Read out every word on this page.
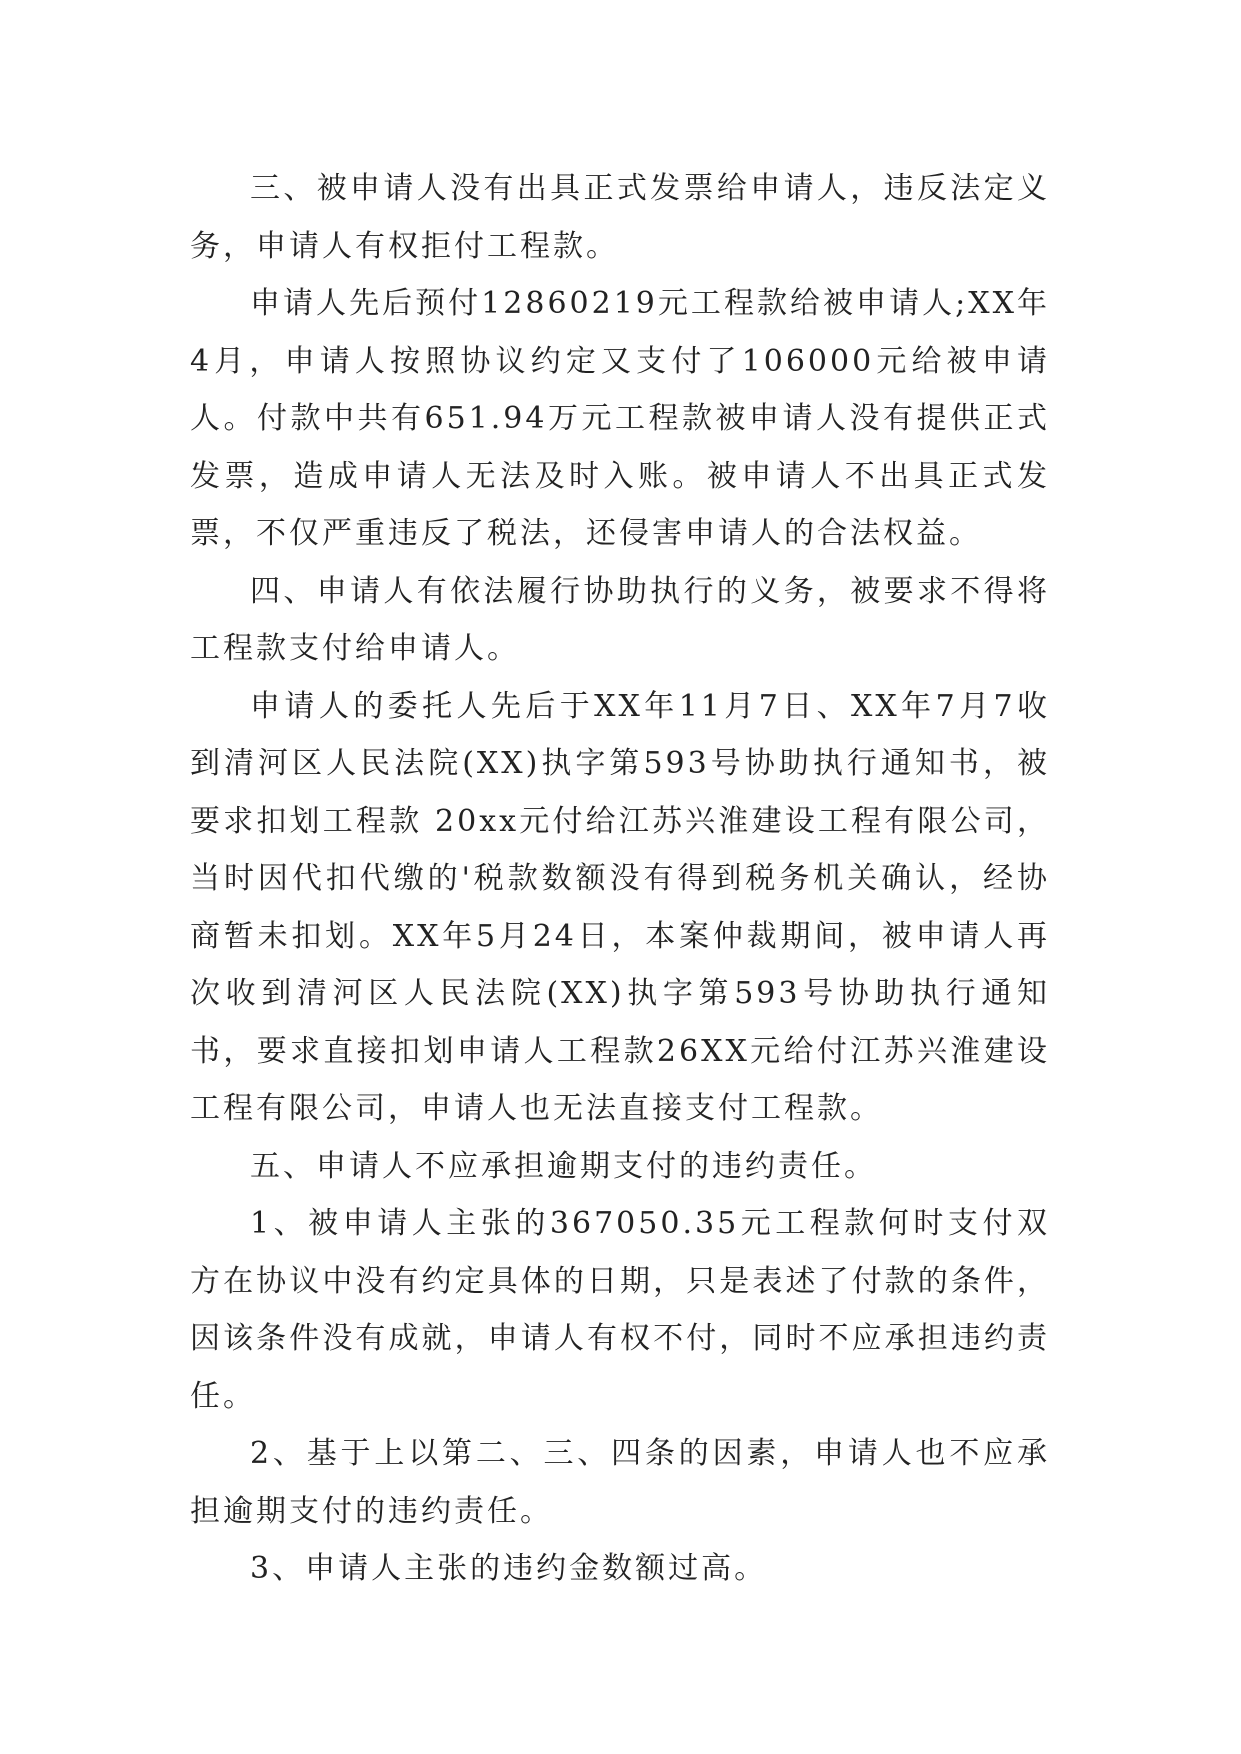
三、被申请人没有出具正式发票给申请人，违反法定义务，申请人有权拒付工程款。

申请人先后预付12860219元工程款给被申请人;XX年4月，申请人按照协议约定又支付了106000元给被申请人。付款中共有651.94万元工程款被申请人没有提供正式发票，造成申请人无法及时入账。被申请人不出具正式发票，不仅严重违反了税法，还侵害申请人的合法权益。

四、申请人有依法履行协助执行的义务，被要求不得将工程款支付给申请人。

申请人的委托人先后于XX年11月7日、XX年7月7收到清河区人民法院(XX)执字第593号协助执行通知书，被要求扣划工程款 20xx元付给江苏兴淮建设工程有限公司，当时因代扣代缴的'税款数额没有得到税务机关确认，经协商暂未扣划。XX年5月24日，本案仲裁期间，被申请人再次收到清河区人民法院(XX)执字第593号协助执行通知书，要求直接扣划申请人工程款26XX元给付江苏兴淮建设工程有限公司，申请人也无法直接支付工程款。

五、申请人不应承担逾期支付的违约责任。

1、被申请人主张的367050.35元工程款何时支付双方在协议中没有约定具体的日期，只是表述了付款的条件，因该条件没有成就，申请人有权不付，同时不应承担违约责任。

2、基于上以第二、三、四条的因素，申请人也不应承担逾期支付的违约责任。

3、申请人主张的违约金数额过高。
